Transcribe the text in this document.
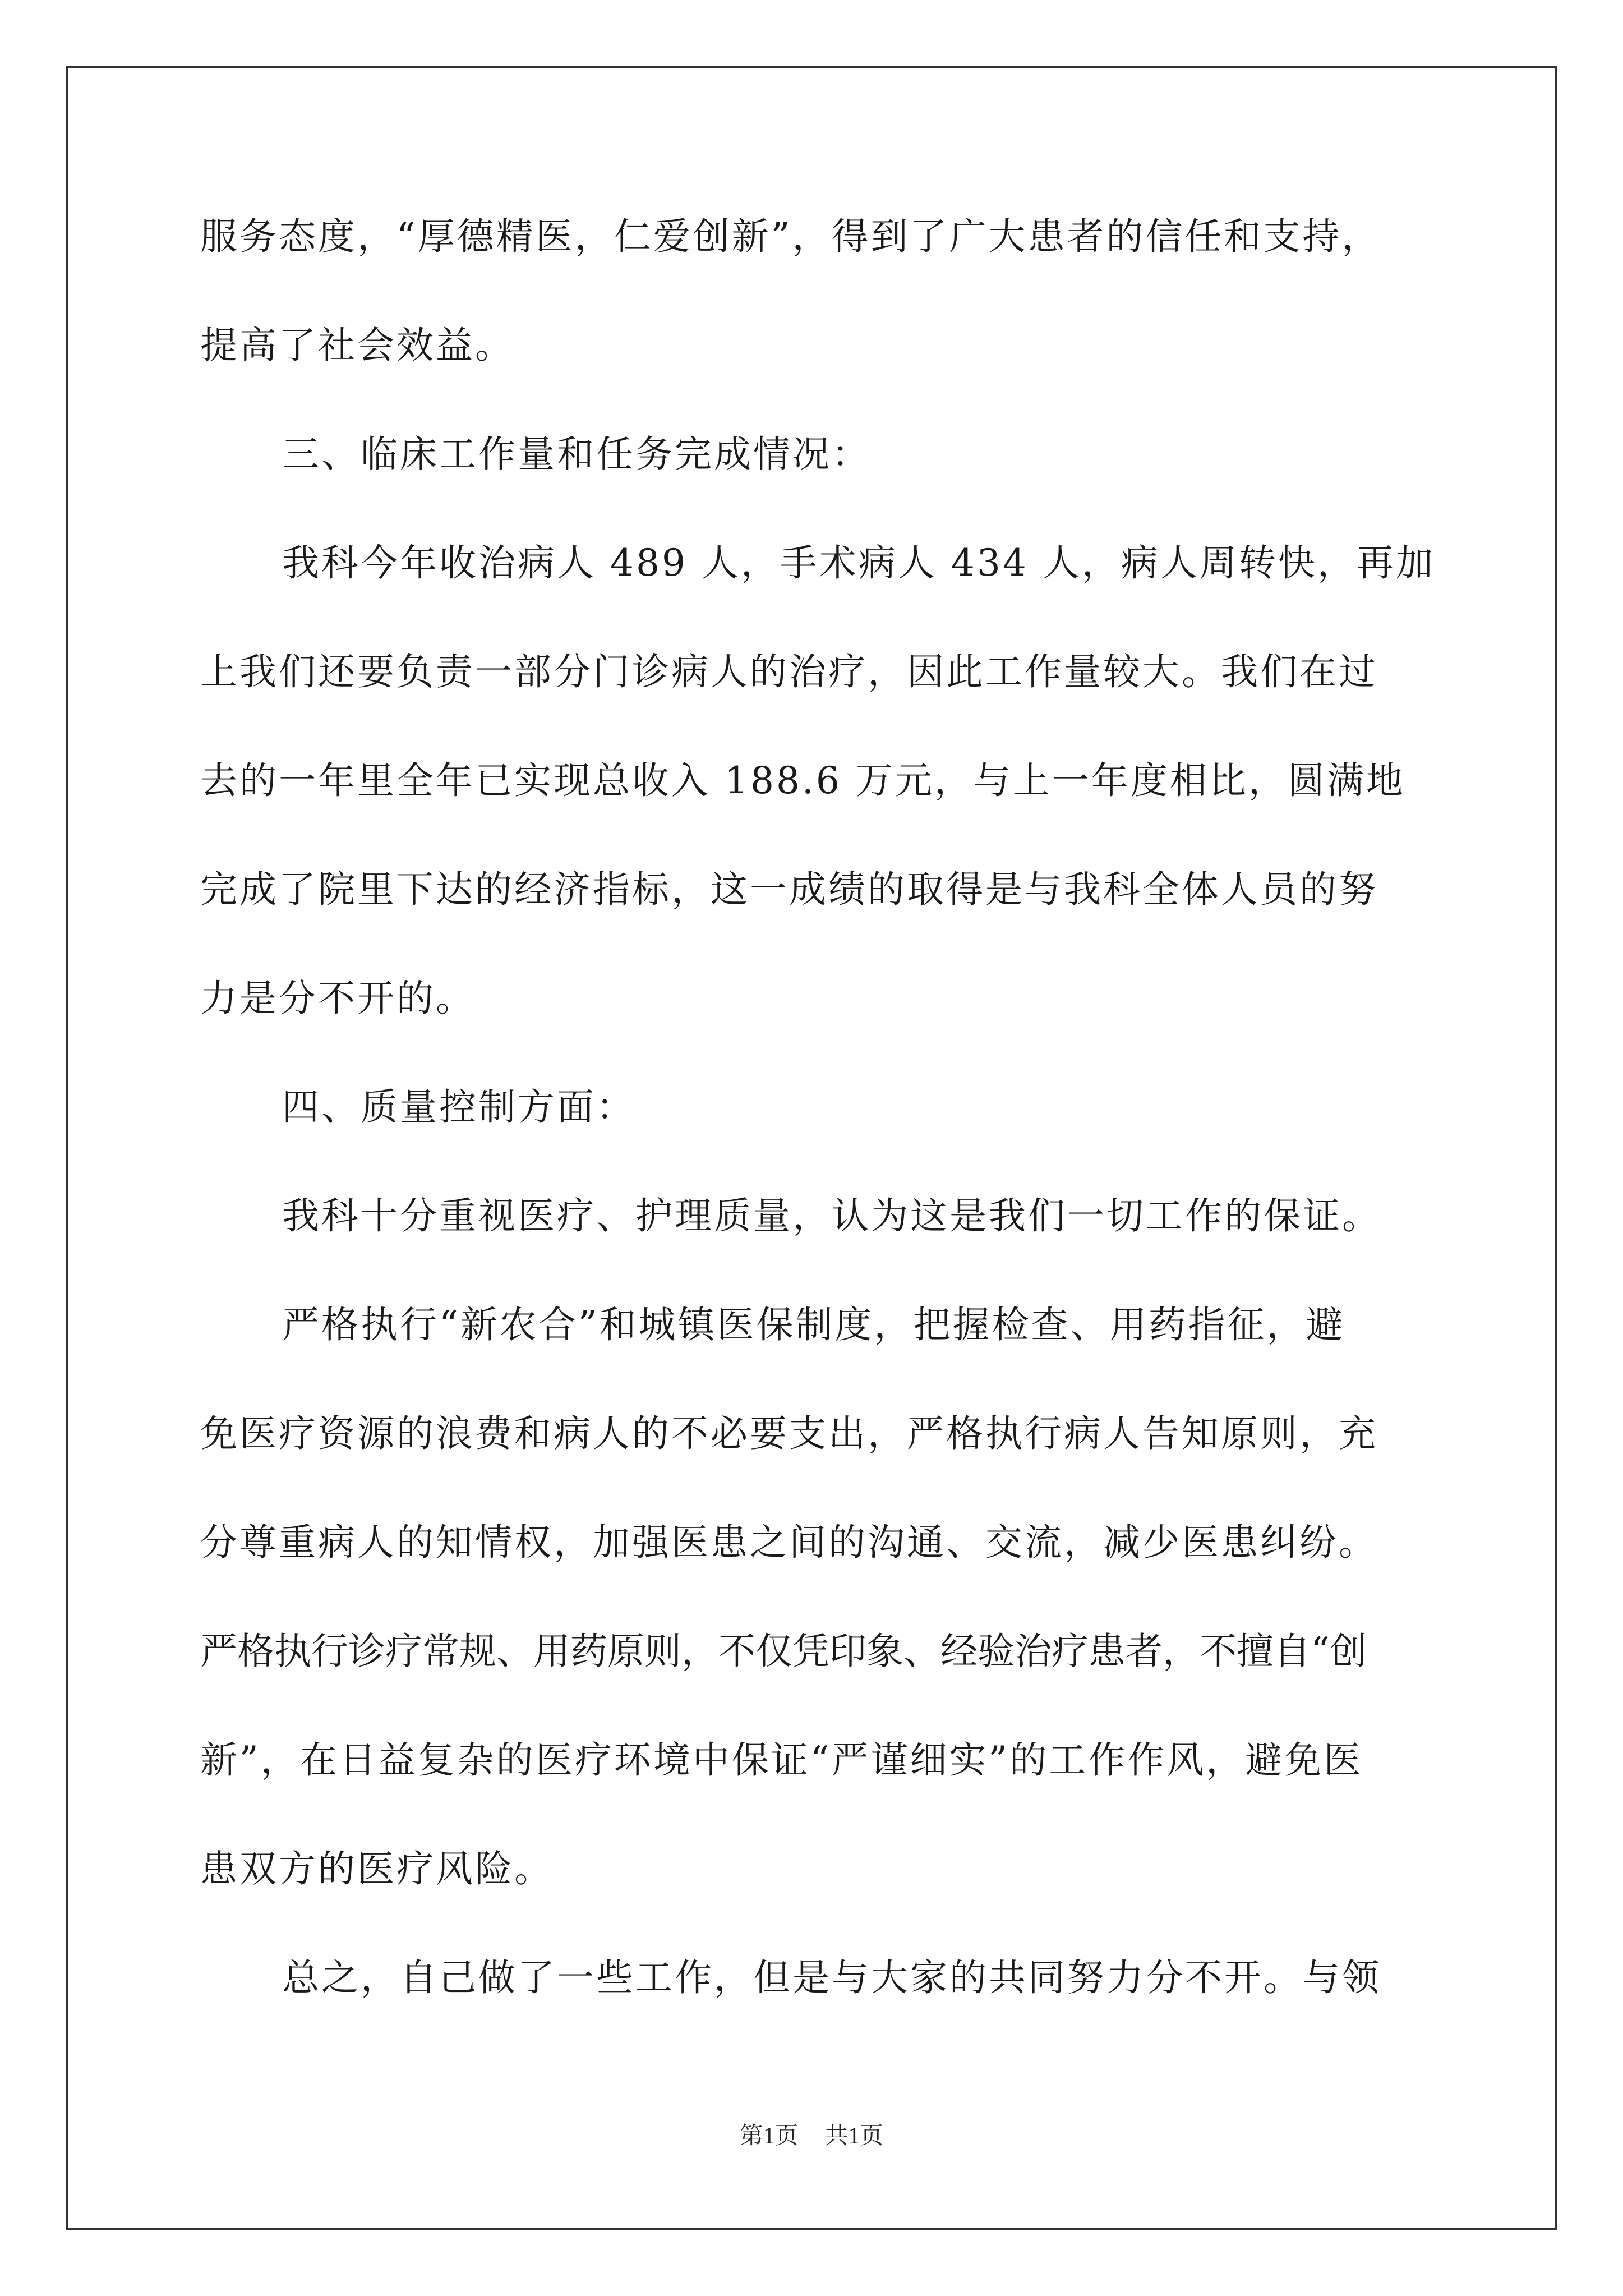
服务态度，“厚德精医，仁爱创新”，得到了广大患者的信任和支持，
提高了社会效益。
三、临床工作量和任务完成情况：
我科今年收治病人 489 人，手术病人 434 人，病人周转快，再加
上我们还要负责一部分门诊病人的治疗，因此工作量较大。我们在过
去的一年里全年已实现总收入 188.6 万元，与上一年度相比，圆满地
完成了院里下达的经济指标，这一成绩的取得是与我科全体人员的努
力是分不开的。
四、质量控制方面：
我科十分重视医疗、护理质量，认为这是我们一切工作的保证。
严格执行“新农合”和城镇医保制度，把握检查、用药指征，避
免医疗资源的浪费和病人的不必要支出，严格执行病人告知原则，充
分尊重病人的知情权，加强医患之间的沟通、交流，减少医患纠纷。
严格执行诊疗常规、用药原则，不仅凭印象、经验治疗患者，不擅自“创
新”，在日益复杂的医疗环境中保证“严谨细实”的工作作风，避免医
患双方的医疗风险。
总之，自己做了一些工作，但是与大家的共同努力分不开。与领
第1页 共1页
